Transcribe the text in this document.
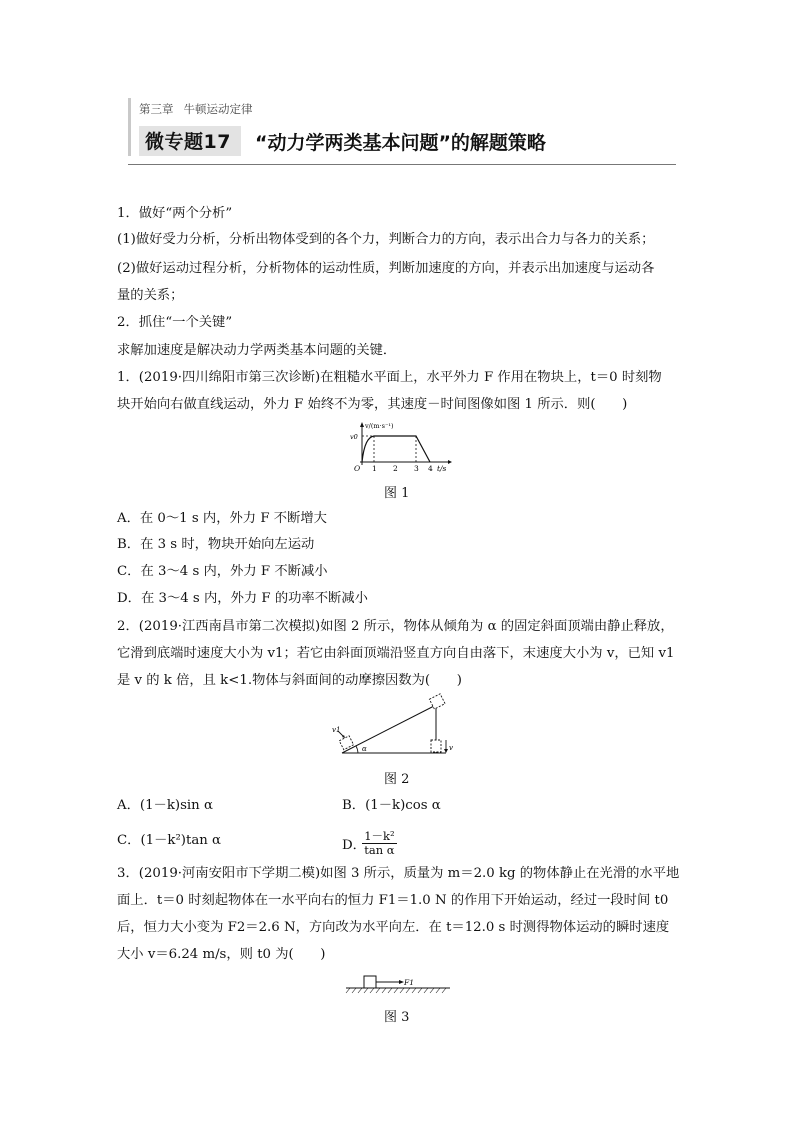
第三章 牛顿运动定律
微专题17	“动力学两类基本问题”的解题策略
1．做好“两个分析”
(1)做好受力分析，分析出物体受到的各个力，判断合力的方向，表示出合力与各力的关系；
(2)做好运动过程分析，分析物体的运动性质，判断加速度的方向，并表示出加速度与运动各
量的关系；
2．抓住“一个关键”
求解加速度是解决动力学两类基本问题的关键．
1．(2019·四川绵阳市第三次诊断)在粗糙水平面上，水平外力 F 作用在物块上，t＝0 时刻物
块开始向右做直线运动，外力 F 始终不为零，其速度－时间图像如图 1 所示．则(　　)
v/(m·s⁻¹)
v0
O 1 2 3 4 t/s
图 1
A．在 0～1 s 内，外力 F 不断增大
B．在 3 s 时，物块开始向左运动
C．在 3～4 s 内，外力 F 不断减小
D．在 3～4 s 内，外力 F 的功率不断减小
2．(2019·江西南昌市第二次模拟)如图 2 所示，物体从倾角为 α 的固定斜面顶端由静止释放，
它滑到底端时速度大小为 v1；若它由斜面顶端沿竖直方向自由落下，末速度大小为 v，已知 v1
是 v 的 k 倍，且 k<1.物体与斜面间的动摩擦因数为(　　)
v1
α	v
图 2
A．(1－k)sin α	B．(1－k)cos α
C．(1－k²)tan α	D．
$\frac{\text{1－k²}}{\text{tan α}}$
3．(2019·河南安阳市下学期二模)如图 3 所示，质量为 m＝2.0 kg 的物体静止在光滑的水平地
面上．t＝0 时刻起物体在一水平向右的恒力 F1＝1.0 N 的作用下开始运动，经过一段时间 t0
后，恒力大小变为 F2＝2.6 N，方向改为水平向左．在 t＝12.0 s 时测得物体运动的瞬时速度
大小 v＝6.24 m/s，则 t0 为(　　)
F1
图 3
